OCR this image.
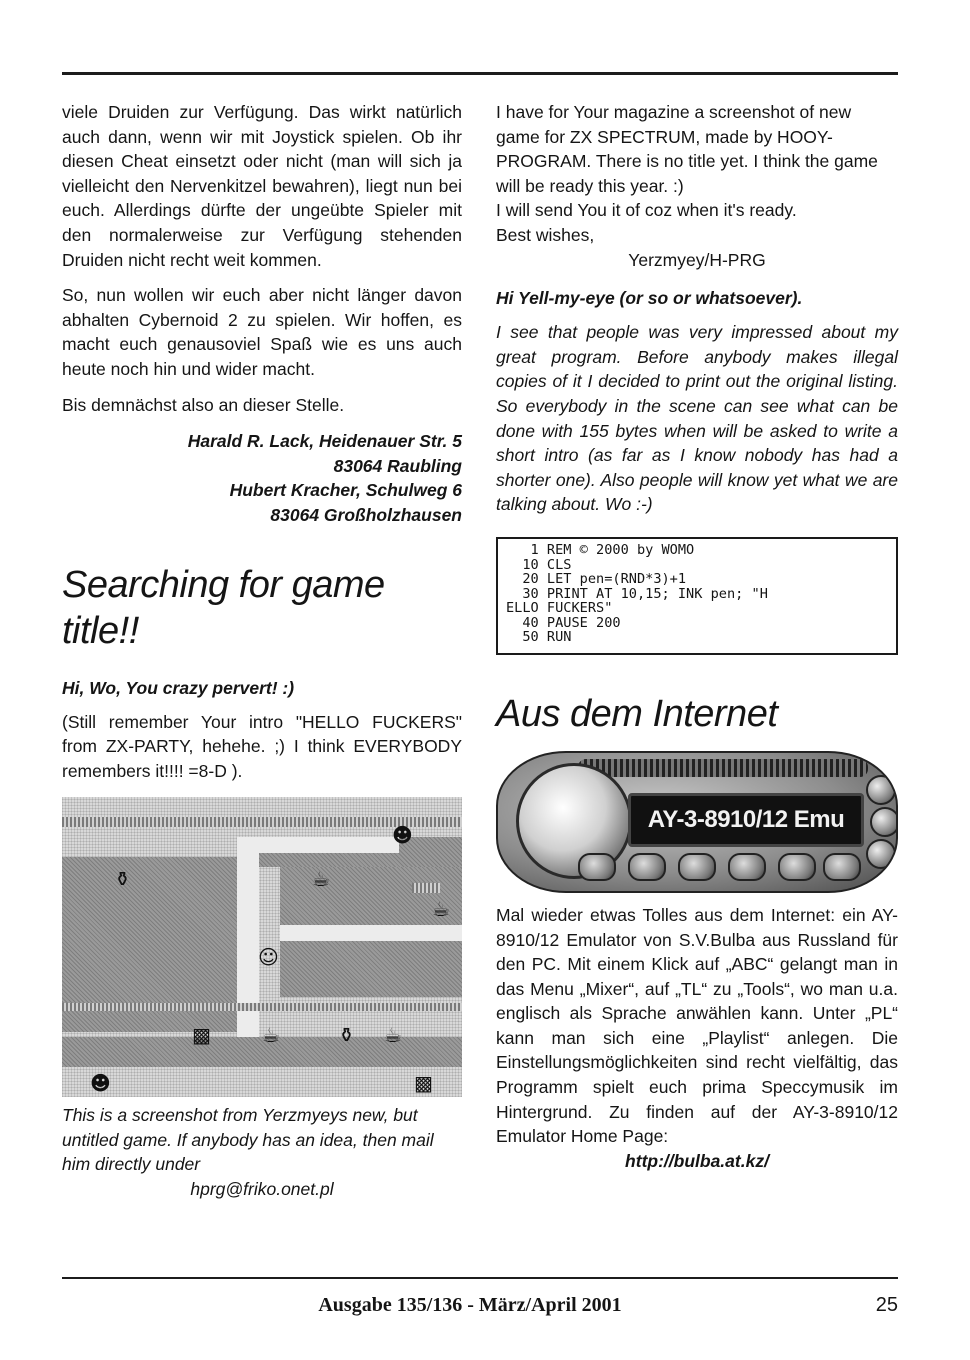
viele Druiden zur Verfügung. Das wirkt natürlich auch dann, wenn wir mit Joystick spielen. Ob ihr diesen Cheat einsetzt oder nicht (man will sich ja vielleicht den Nervenkitzel bewahren), liegt nun bei euch. Allerdings dürfte der ungeübte Spieler mit den normalerweise zur Verfügung stehenden Druiden nicht recht weit kommen.

So, nun wollen wir euch aber nicht länger davon abhalten Cybernoid 2 zu spielen. Wir hoffen, es macht euch genausoviel Spaß wie es uns auch heute noch hin und wider macht.

Bis demnächst also an dieser Stelle.

Harald R. Lack, Heidenauer Str. 5
83064 Raubling
Hubert Kracher, Schulweg 6
83064 Großholzhausen
Searching for game title!!
Hi, Wo, You crazy pervert! :)

(Still remember Your intro "HELLO FUCKERS" from ZX-PARTY, hehehe. ;) I think EVERYBODY remembers it!!!! =8-D ).

⚱	☕
☕
☻
☺
▩	☕	⚱ ☕
☻	▩

This is a screenshot from Yerzmyeys new, but untitled game. If anybody has an idea, then mail him directly under

hprg@friko.onet.pl

I have for Your magazine a screenshot of new game for ZX SPECTRUM, made by HOOY-PROGRAM. There is no title yet. I think the game will be ready this year. :)

I will send You it of coz when it's ready.

Best wishes,

Yerzmyey/H-PRG

Hi Yell-my-eye (or so or whatsoever).

I see that people was very impressed about my great program. Before anybody makes illegal copies of it I decided to print out the original listing. So everybody in the scene can see what can be done with 155 bytes when will be asked to write a short intro (as far as I know nobody has had a shorter one). Also people will know yet what we are talking about. Wo :-)

1 REM © 2000 by WOMO
10 CLS
20 LET pen=(RND*3)+1
30 PRINT AT 10,15; INK pen; "H
ELLO FUCKERS"
40 PAUSE 200
50 RUN
Aus dem Internet
AY-3-8910/12 Emu

Mal wieder etwas Tolles aus dem Internet: ein AY-8910/12 Emulator von S.V.Bulba aus Russland für den PC. Mit einem Klick auf „ABC“ gelangt man in das Menu „Mixer“, auf „TL“ zu „Tools“, wo man u.a. englisch als Sprache anwählen kann. Unter „PL“ kann man sich eine „Playlist“ anlegen. Die Einstellungsmöglichkeiten sind recht vielfältig, das Programm spielt euch prima Speccymusik im Hintergrund. Zu finden auf der AY-3-8910/12 Emulator Home Page:

http://bulba.at.kz/
Ausgabe 135/136 - März/April 2001	25
